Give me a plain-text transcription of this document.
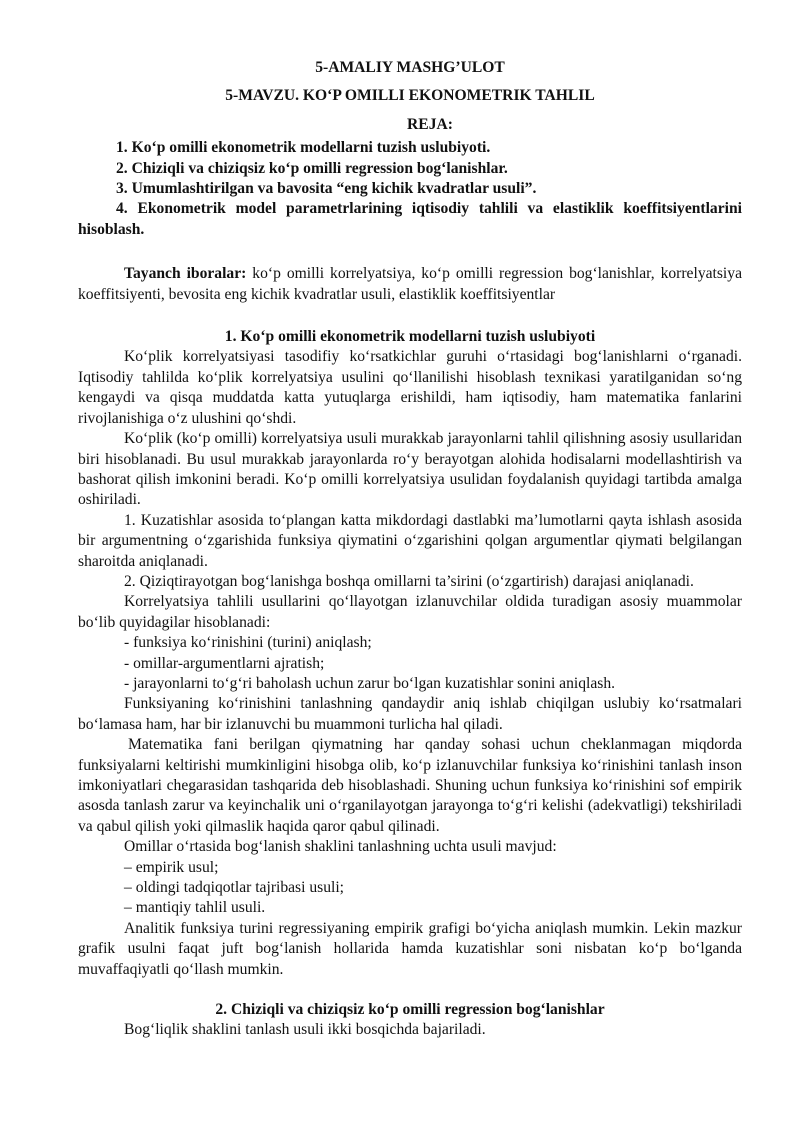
5-AMALIY MASHG’ULOT
5-MAVZU. KO‘P OMILLI EKONOMETRIK TAHLIL
REJA:

1. Ko‘p omilli ekonometrik modellarni tuzish uslubiyoti.

2. Chiziqli va chiziqsiz ko‘p omilli regression bog‘lanishlar.

3. Umumlashtirilgan va bavosita “eng kichik kvadratlar usuli”.

4. Ekonometrik model parametrlarining iqtisodiy tahlili va elastiklik koeffitsiyentlarini hisoblash.

Tayanch iboralar: ko‘p omilli korrelyatsiya, ko‘p omilli regression bog‘lanishlar, korrelyatsiya koeffitsiyenti, bevosita eng kichik kvadratlar usuli, elastiklik koeffitsiyentlar

1. Ko‘p omilli ekonometrik modellarni tuzish uslubiyoti

Ko‘plik korrelyatsiyasi tasodifiy ko‘rsatkichlar guruhi o‘rtasidagi bog‘lanishlarni o‘rganadi. Iqtisodiy tahlilda ko‘plik korrelyatsiya usulini qo‘llanilishi hisoblash texnikasi yaratilganidan so‘ng kengaydi va qisqa muddatda katta yutuqlarga erishildi, ham iqtisodiy, ham matematika fanlarini rivojlanishiga o‘z ulushini qo‘shdi.

Ko‘plik (ko‘p omilli) korrelyatsiya usuli murakkab jarayonlarni tahlil qilishning asosiy usullaridan biri hisoblanadi. Bu usul murakkab jarayonlarda ro‘y berayotgan alohida hodisalarni modellashtirish va bashorat qilish imkonini beradi. Ko‘p omilli korrelyatsiya usulidan foydalanish quyidagi tartibda amalga oshiriladi.

1. Kuzatishlar asosida to‘plangan katta mikdordagi dastlabki ma’lumotlarni qayta ishlash asosida bir argumentning o‘zgarishida funksiya qiymatini o‘zgarishini qolgan argumentlar qiymati belgilangan sharoitda aniqlanadi.

2. Qiziqtirayotgan bog‘lanishga boshqa omillarni ta’sirini (o‘zgartirish) darajasi aniqlanadi.

Korrelyatsiya tahlili usullarini qo‘llayotgan izlanuvchilar oldida turadigan asosiy muammolar bo‘lib quyidagilar hisoblanadi:

- funksiya ko‘rinishini (turini) aniqlash;

- omillar-argumentlarni ajratish;

- jarayonlarni to‘g‘ri baholash uchun zarur bo‘lgan kuzatishlar sonini aniqlash.

Funksiyaning ko‘rinishini tanlashning qandaydir aniq ishlab chiqilgan uslubiy ko‘rsatmalari bo‘lamasa ham, har bir izlanuvchi bu muammoni turlicha hal qiladi.

Matematika fani berilgan qiymatning har qanday sohasi uchun cheklanmagan miqdorda funksiyalarni keltirishi mumkinligini hisobga olib, ko‘p izlanuvchilar funksiya ko‘rinishini tanlash inson imkoniyatlari chegarasidan tashqarida deb hisoblashadi. Shuning uchun funksiya ko‘rinishini sof empirik asosda tanlash zarur va keyinchalik uni o‘rganilayotgan jarayonga to‘g‘ri kelishi (adekvatligi) tekshiriladi va qabul qilish yoki qilmaslik haqida qaror qabul qilinadi.

Omillar o‘rtasida bog‘lanish shaklini tanlashning uchta usuli mavjud:

– empirik usul;

– oldingi tadqiqotlar tajribasi usuli;

– mantiqiy tahlil usuli.

Analitik funksiya turini regressiyaning empirik grafigi bo‘yicha aniqlash mumkin. Lekin mazkur grafik usulni faqat juft bog‘lanish hollarida hamda kuzatishlar soni nisbatan ko‘p bo‘lganda muvaffaqiyatli qo‘llash mumkin.

2. Chiziqli va chiziqsiz ko‘p omilli regression bog‘lanishlar

Bog‘liqlik shaklini tanlash usuli ikki bosqichda bajariladi.
